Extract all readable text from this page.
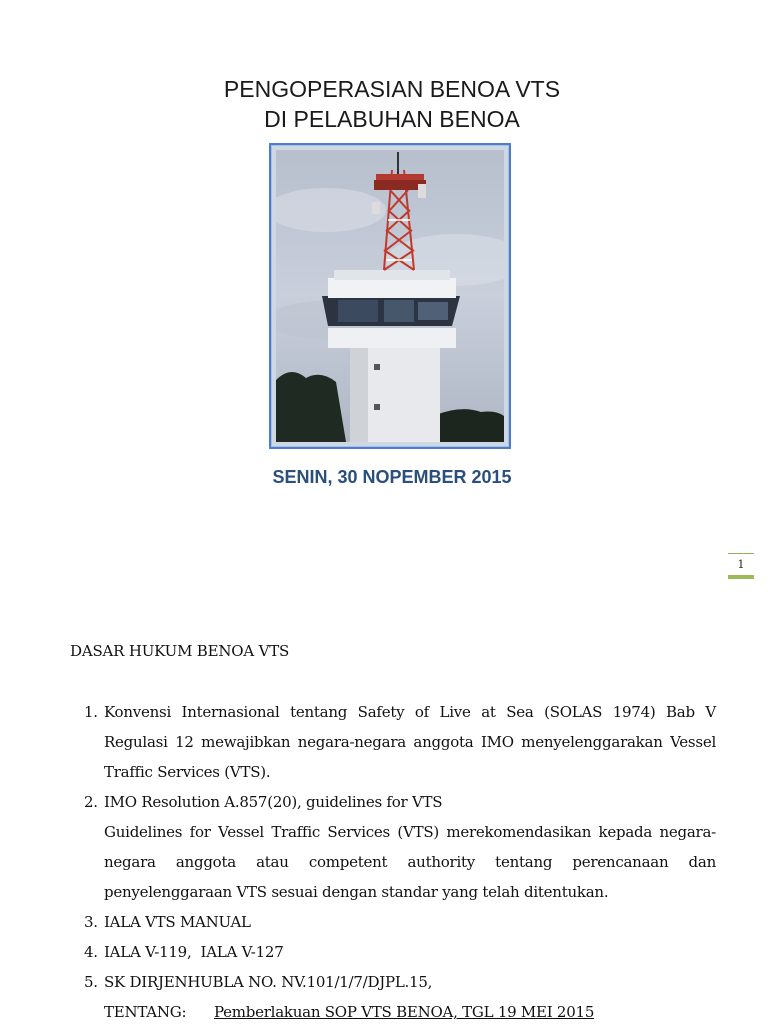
PENGOPERASIAN BENOA VTS
DI PELABUHAN BENOA
SENIN, 30 NOPEMBER 2015
1
DASAR HUKUM BENOA VTS
1. Konvensi Internasional tentang Safety of Live at Sea (SOLAS 1974) Bab V Regulasi 12 mewajibkan negara-negara anggota IMO menyelenggarakan Vessel Traffic Services (VTS).
2. IMO Resolution A.857(20), guidelines for VTS
Guidelines for Vessel Traffic Services (VTS) merekomendasikan kepada negara-negara anggota atau competent authority tentang perencanaan dan penyelenggaraan VTS sesuai dengan standar yang telah ditentukan.
3. IALA VTS MANUAL
4. IALA V-119,  IALA V-127
5. SK DIRJENHUBLA NO. NV.101/1/7/DJPL.15,
TENTANG: Pemberlakuan SOP VTS BENOA, TGL 19 MEI 2015
